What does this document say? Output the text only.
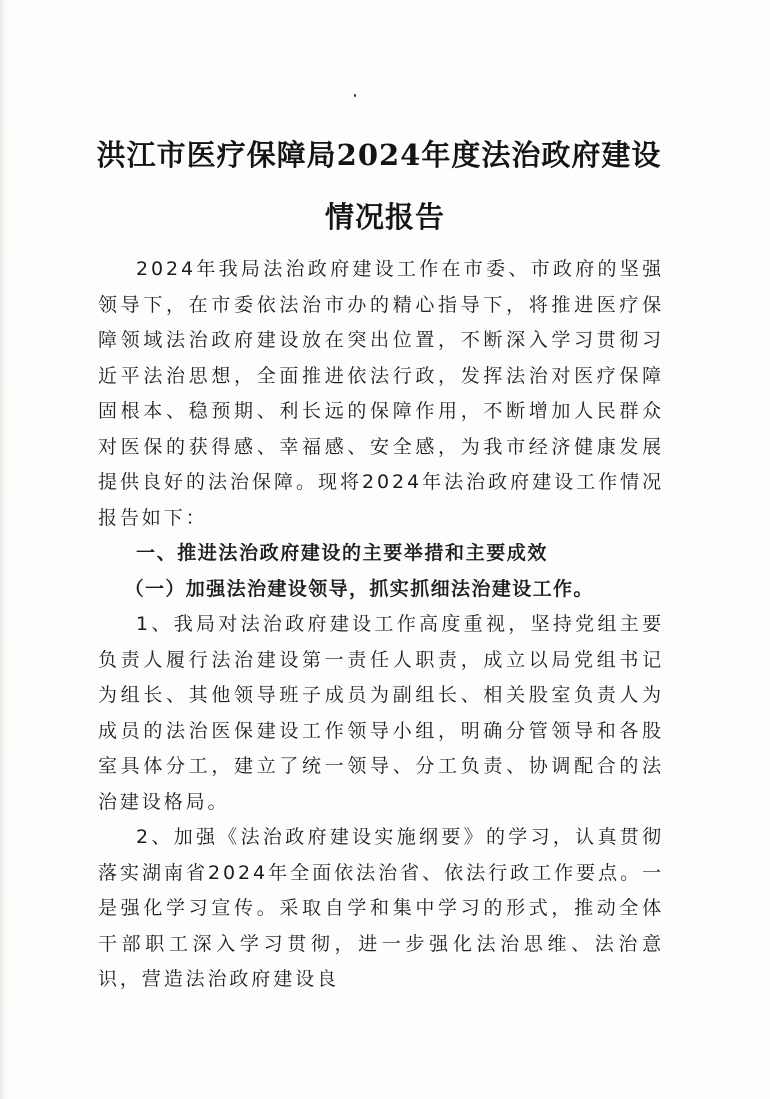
洪江市医疗保障局2024年度法治政府建设
情况报告

2024年我局法治政府建设工作在市委、市政府的坚强领导下，在市委依法治市办的精心指导下，将推进医疗保障领域法治政府建设放在突出位置，不断深入学习贯彻习近平法治思想，全面推进依法行政，发挥法治对医疗保障固根本、稳预期、利长远的保障作用，不断增加人民群众对医保的获得感、幸福感、安全感，为我市经济健康发展提供良好的法治保障。现将2024年法治政府建设工作情况报告如下：

一、推进法治政府建设的主要举措和主要成效

（一）加强法治建设领导，抓实抓细法治建设工作。

1、我局对法治政府建设工作高度重视，坚持党组主要负责人履行法治建设第一责任人职责，成立以局党组书记为组长、其他领导班子成员为副组长、相关股室负责人为成员的法治医保建设工作领导小组，明确分管领导和各股室具体分工，建立了统一领导、分工负责、协调配合的法治建设格局。

2、加强《法治政府建设实施纲要》的学习，认真贯彻落实湖南省2024年全面依法治省、依法行政工作要点。一是强化学习宣传。采取自学和集中学习的形式，推动全体干部职工深入学习贯彻，进一步强化法治思维、法治意识，营造法治政府建设良
